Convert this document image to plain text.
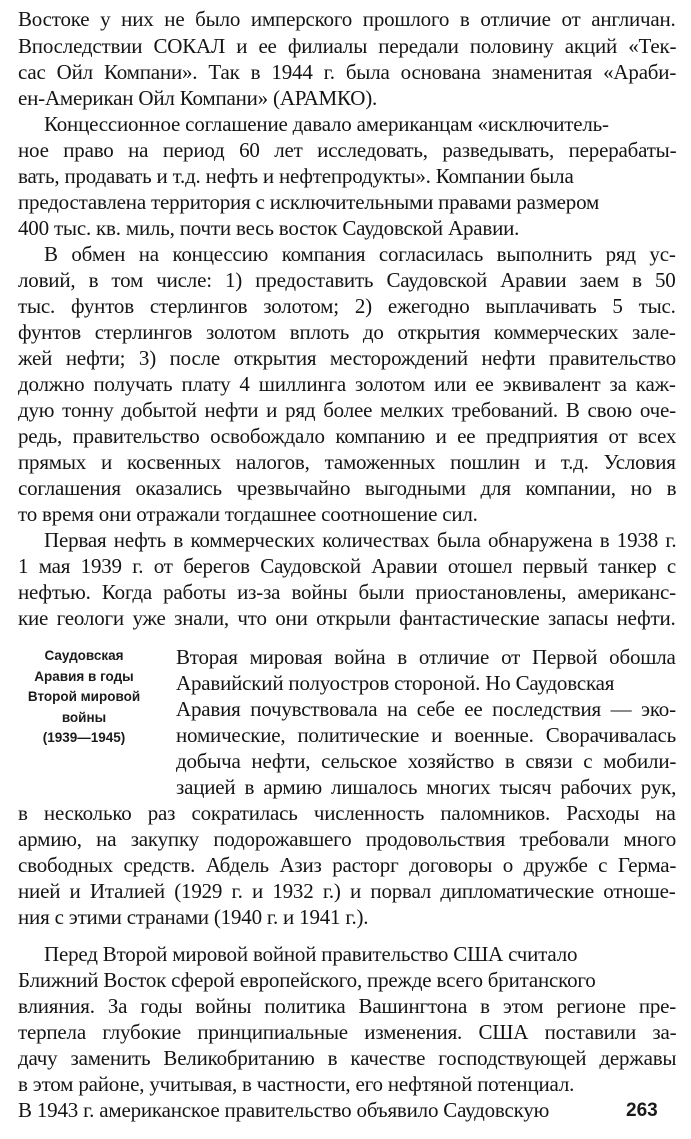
Востоке у них не было имперского прошлого в отличие от англичан.
Впоследствии СОКАЛ и ее филиалы передали половину акций «Тек-
сас Ойл Компани». Так в 1944 г. была основана знаменитая «Араби-
ен-Американ Ойл Компани» (АРАМКО).
Концессионное соглашение давало американцам «исключитель-
ное право на период 60 лет исследовать, разведывать, перерабаты-
вать, продавать и т.д. нефть и нефтепродукты». Компании была
предоставлена территория с исключительными правами размером
400 тыс. кв. миль, почти весь восток Саудовской Аравии.
В обмен на концессию компания согласилась выполнить ряд ус-
ловий, в том числе: 1) предоставить Саудовской Аравии заем в 50
тыс. фунтов стерлингов золотом; 2) ежегодно выплачивать 5 тыс.
фунтов стерлингов золотом вплоть до открытия коммерческих зале-
жей нефти; 3) после открытия месторождений нефти правительство
должно получать плату 4 шиллинга золотом или ее эквивалент за каж-
дую тонну добытой нефти и ряд более мелких требований. В свою оче-
редь, правительство освобождало компанию и ее предприятия от всех
прямых и косвенных налогов, таможенных пошлин и т.д. Условия
соглашения оказались чрезвычайно выгодными для компании, но в
то время они отражали тогдашнее соотношение сил.
Первая нефть в коммерческих количествах была обнаружена в 1938 г.
1 мая 1939 г. от берегов Саудовской Аравии отошел первый танкер с
нефтью. Когда работы из-за войны были приостановлены, американс-
кие геологи уже знали, что они открыли фантастические запасы нефти.
Вторая мировая война в отличие от Первой обошла
Аравийский полуостров стороной. Но Саудовская
Аравия почувствовала на себе ее последствия — эко-
номические, политические и военные. Сворачивалась
добыча нефти, сельское хозяйство в связи с мобили-
зацией в армию лишалось многих тысяч рабочих рук,
в несколько раз сократилась численность паломников. Расходы на
армию, на закупку подорожавшего продовольствия требовали много
свободных средств. Абдель Азиз расторг договоры о дружбе с Герма-
нией и Италией (1929 г. и 1932 г.) и порвал дипломатические отноше-
ния с этими странами (1940 г. и 1941 г.).
Перед Второй мировой войной правительство США считало
Ближний Восток сферой европейского, прежде всего британского
влияния. За годы войны политика Вашингтона в этом регионе пре-
терпела глубокие принципиальные изменения. США поставили за-
дачу заменить Великобританию в качестве господствующей державы
в этом районе, учитывая, в частности, его нефтяной потенциал.
В 1943 г. американское правительство объявило Саудовскую
Саудовская
Аравия в годы
Второй мировой
войны
(1939—1945)
263
